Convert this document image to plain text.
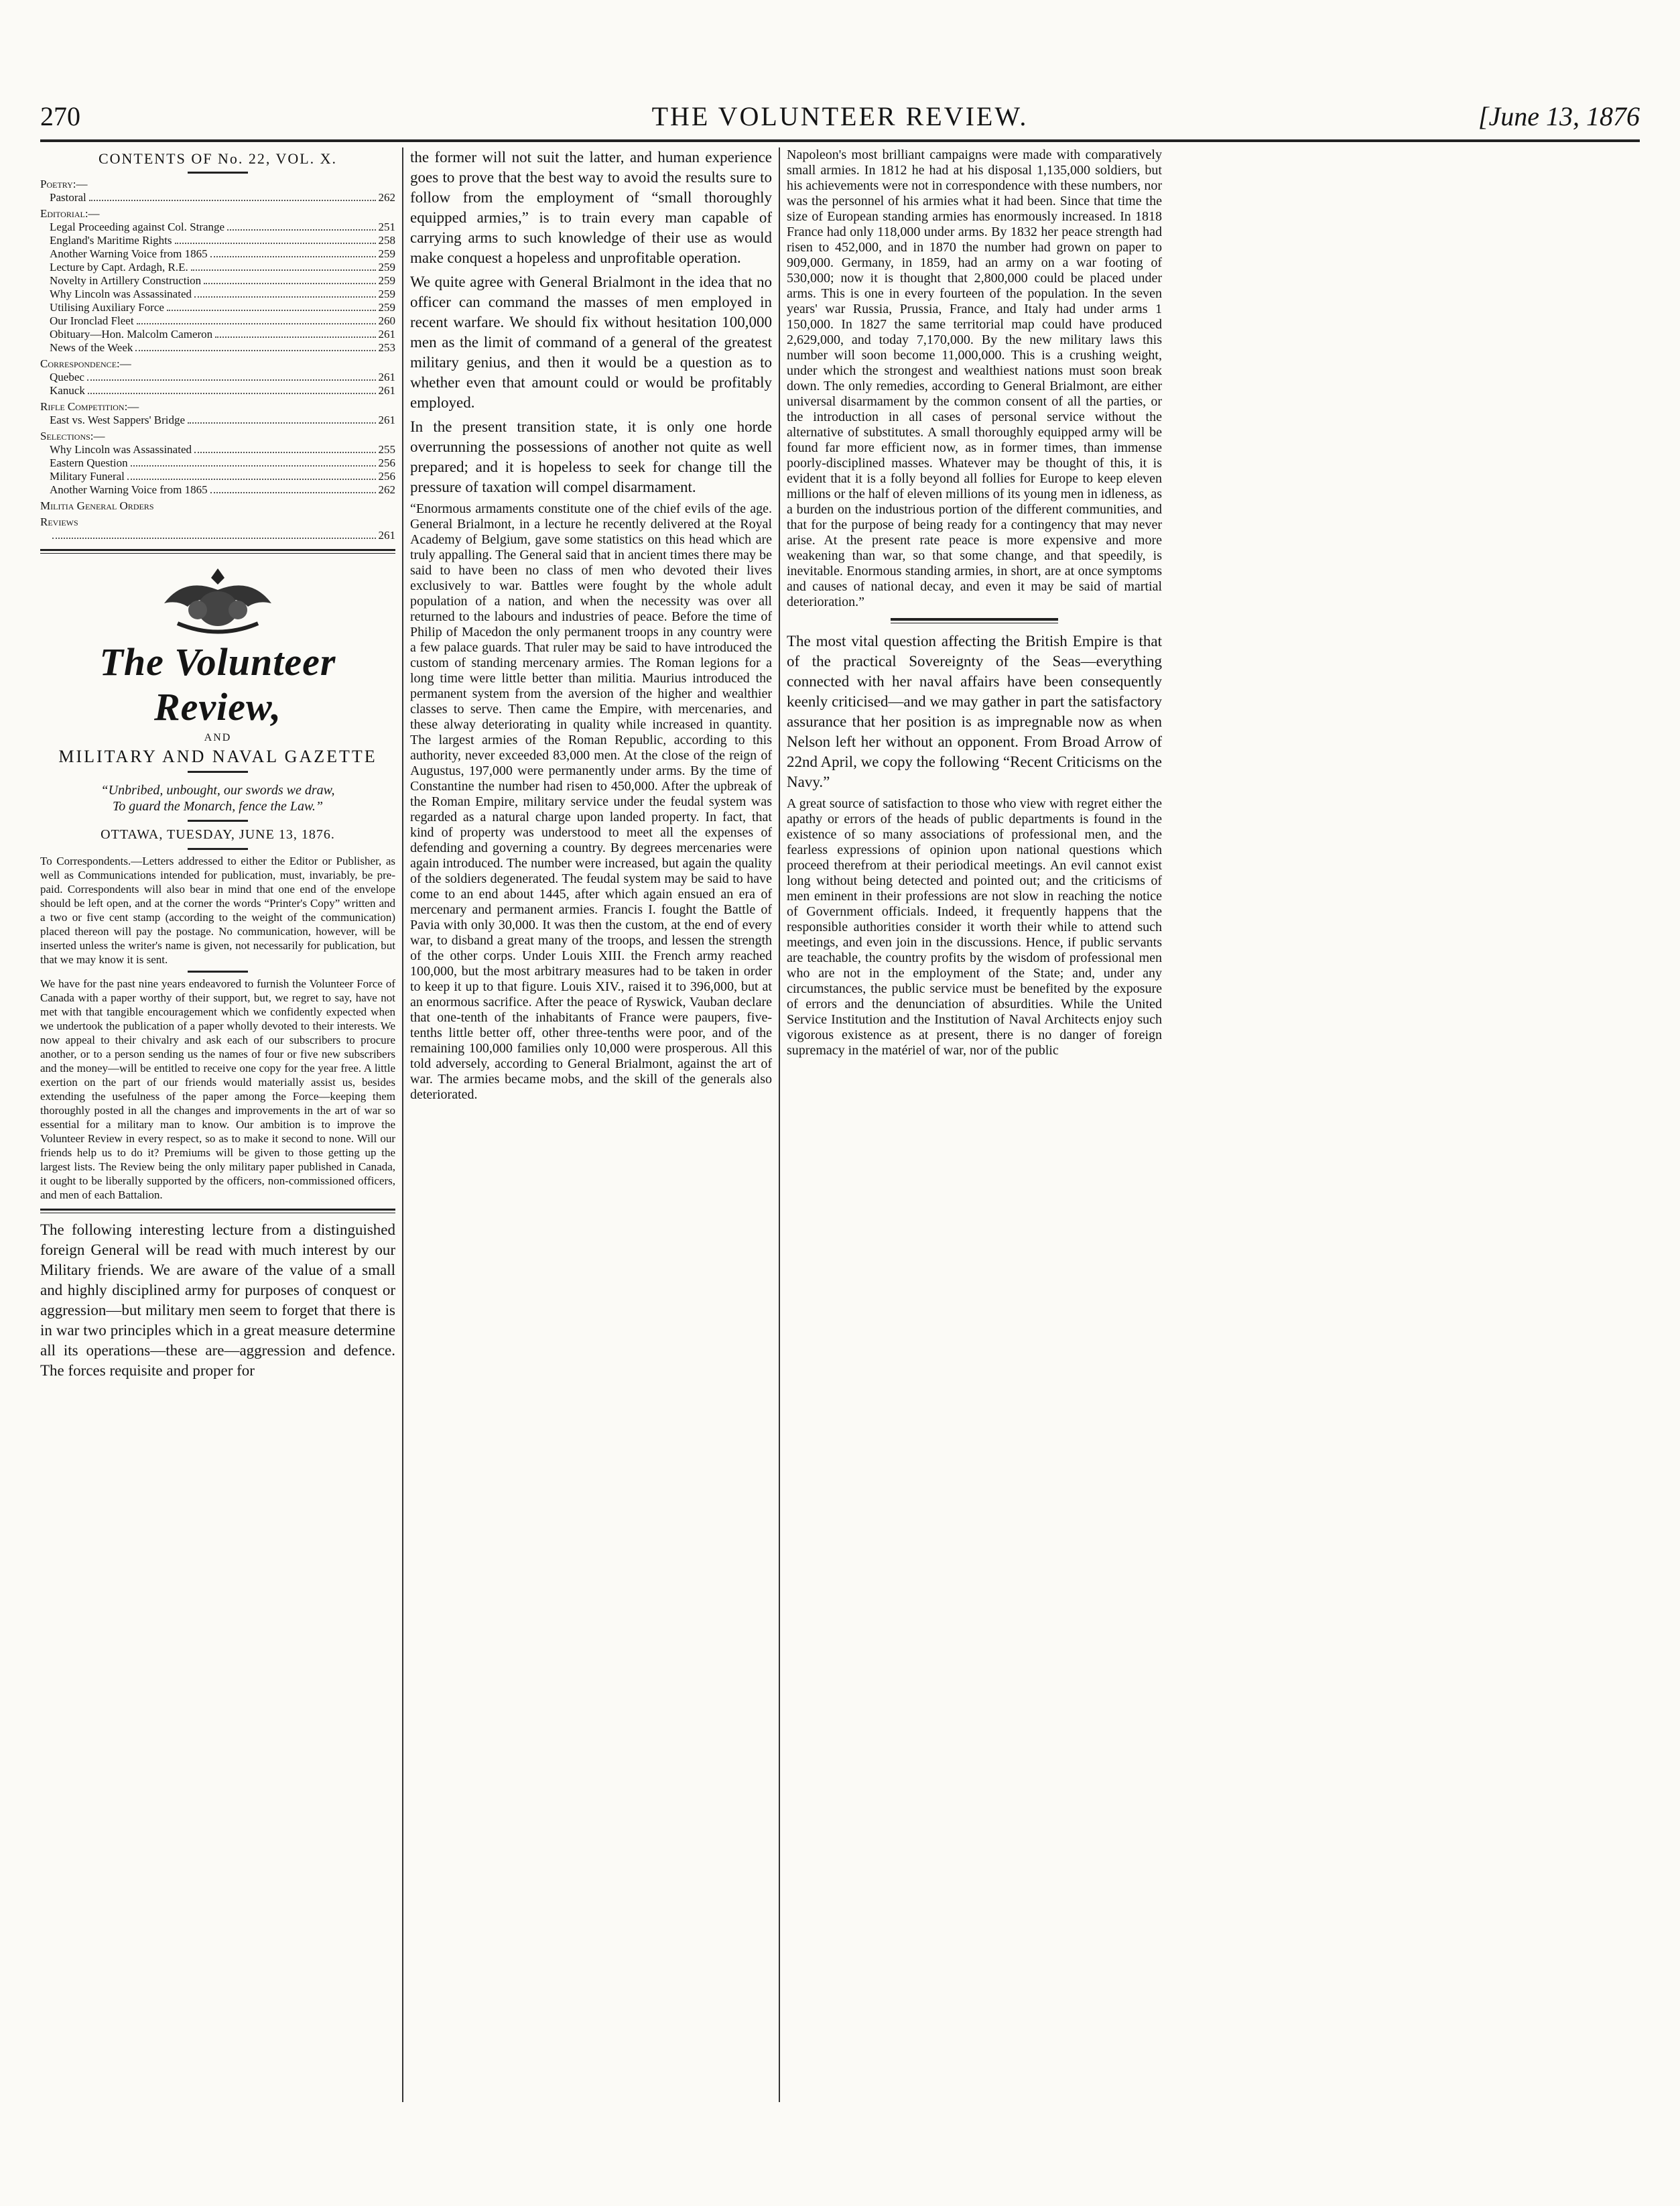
270	THE VOLUNTEER REVIEW.	[June 13, 1876
CONTENTS OF No. 22, VOL. X.
Poetry:—
Pastoral	262
Editorial:—
Legal Proceeding against Col. Strange	251
England's Maritime Rights	258
Another Warning Voice from 1865	259
Lecture by Capt. Ardagh, R.E.	259
Novelty in Artillery Construction	259
Why Lincoln was Assassinated	259
Utilising Auxiliary Force	259
Our Ironclad Fleet	260
Obituary—Hon. Malcolm Cameron	261
News of the Week	253
Correspondence:—
Quebec	261
Kanuck	261
Rifle Competition:—
East vs. West Sappers' Bridge	261
Selections:—
Why Lincoln was Assassinated	255
Eastern Question	256
Military Funeral	256
Another Warning Voice from 1865	262
Militia General Orders
Reviews
261
The Volunteer Review,
AND
MILITARY AND NAVAL GAZETTE
“Unbribed, unbought, our swords we draw,
To guard the Monarch, fence the Law.”
OTTAWA, TUESDAY, JUNE 13, 1876.

To Correspondents.—Letters addressed to either the Editor or Publisher, as well as Communications intended for publication, must, invariably, be pre-paid. Correspondents will also bear in mind that one end of the envelope should be left open, and at the corner the words “Printer's Copy” written and a two or five cent stamp (according to the weight of the communication) placed thereon will pay the postage. No communication, however, will be inserted unless the writer's name is given, not necessarily for publication, but that we may know it is sent.

We have for the past nine years endeavored to furnish the Volunteer Force of Canada with a paper worthy of their support, but, we regret to say, have not met with that tangible encouragement which we confidently expected when we undertook the publication of a paper wholly devoted to their interests. We now appeal to their chivalry and ask each of our subscribers to procure another, or to a person sending us the names of four or five new subscribers and the money—will be entitled to receive one copy for the year free. A little exertion on the part of our friends would materially assist us, besides extending the usefulness of the paper among the Force—keeping them thoroughly posted in all the changes and improvements in the art of war so essential for a military man to know. Our ambition is to improve the Volunteer Review in every respect, so as to make it second to none. Will our friends help us to do it? Premiums will be given to those getting up the largest lists. The Review being the only military paper published in Canada, it ought to be liberally supported by the officers, non-commissioned officers, and men of each Battalion.

The following interesting lecture from a distinguished foreign General will be read with much interest by our Military friends. We are aware of the value of a small and highly disciplined army for purposes of conquest or aggression—but military men seem to forget that there is in war two principles which in a great measure determine all its operations—these are—aggression and defence. The forces requisite and proper for

the former will not suit the latter, and human experience goes to prove that the best way to avoid the results sure to follow from the employment of “small thoroughly equipped armies,” is to train every man capable of carrying arms to such knowledge of their use as would make conquest a hopeless and unprofitable operation.

We quite agree with General Brialmont in the idea that no officer can command the masses of men employed in recent warfare. We should fix without hesitation 100,000 men as the limit of command of a general of the greatest military genius, and then it would be a question as to whether even that amount could or would be profitably employed.

In the present transition state, it is only one horde overrunning the possessions of another not quite as well prepared; and it is hopeless to seek for change till the pressure of taxation will compel disarmament.

“Enormous armaments constitute one of the chief evils of the age. General Brialmont, in a lecture he recently delivered at the Royal Academy of Belgium, gave some statistics on this head which are truly appalling. The General said that in ancient times there may be said to have been no class of men who devoted their lives exclusively to war. Battles were fought by the whole adult population of a nation, and when the necessity was over all returned to the labours and industries of peace. Before the time of Philip of Macedon the only permanent troops in any country were a few palace guards. That ruler may be said to have introduced the custom of standing mercenary armies. The Roman legions for a long time were little better than militia. Maurius introduced the permanent system from the aversion of the higher and wealthier classes to serve. Then came the Empire, with mercenaries, and these alway deteriorating in quality while increased in quantity. The largest armies of the Roman Republic, according to this authority, never exceeded 83,000 men. At the close of the reign of Augustus, 197,000 were permanently under arms. By the time of Constantine the number had risen to 450,000. After the upbreak of the Roman Empire, military service under the feudal system was regarded as a natural charge upon landed property. In fact, that kind of property was understood to meet all the expenses of defending and governing a country. By degrees mercenaries were again introduced. The number were increased, but again the quality of the soldiers degenerated. The feudal system may be said to have come to an end about 1445, after which again ensued an era of mercenary and permanent armies. Francis I. fought the Battle of Pavia with only 30,000. It was then the custom, at the end of every war, to disband a great many of the troops, and lessen the strength of the other corps. Under Louis XIII. the French army reached 100,000, but the most arbitrary measures had to be taken in order to keep it up to that figure. Louis XIV., raised it to 396,000, but at an enormous sacrifice. After the peace of Ryswick, Vauban declare that one-tenth of the inhabitants of France were paupers, five-tenths little better off, other three-tenths were poor, and of the remaining 100,000 families only 10,000 were prosperous. All this told adversely, according to General Brialmont, against the art of war. The armies became mobs, and the skill of the generals also deteriorated.

Napoleon's most brilliant campaigns were made with comparatively small armies. In 1812 he had at his disposal 1,135,000 soldiers, but his achievements were not in correspondence with these numbers, nor was the personnel of his armies what it had been. Since that time the size of European standing armies has enormously increased. In 1818 France had only 118,000 under arms. By 1832 her peace strength had risen to 452,000, and in 1870 the number had grown on paper to 909,000. Germany, in 1859, had an army on a war footing of 530,000; now it is thought that 2,800,000 could be placed under arms. This is one in every fourteen of the population. In the seven years' war Russia, Prussia, France, and Italy had under arms 1 150,000. In 1827 the same territorial map could have produced 2,629,000, and today 7,170,000. By the new military laws this number will soon become 11,000,000. This is a crushing weight, under which the strongest and wealthiest nations must soon break down. The only remedies, according to General Brialmont, are either universal disarmament by the common consent of all the parties, or the introduction in all cases of personal service without the alternative of substitutes. A small thoroughly equipped army will be found far more efficient now, as in former times, than immense poorly-disciplined masses. Whatever may be thought of this, it is evident that it is a folly beyond all follies for Europe to keep eleven millions or the half of eleven millions of its young men in idleness, as a burden on the industrious portion of the different communities, and that for the purpose of being ready for a contingency that may never arise. At the present rate peace is more expensive and more weakening than war, so that some change, and that speedily, is inevitable. Enormous standing armies, in short, are at once symptoms and causes of national decay, and even it may be said of martial deterioration.”

The most vital question affecting the British Empire is that of the practical Sovereignty of the Seas—everything connected with her naval affairs have been consequently keenly criticised—and we may gather in part the satisfactory assurance that her position is as impregnable now as when Nelson left her without an opponent. From Broad Arrow of 22nd April, we copy the following “Recent Criticisms on the Navy.”

A great source of satisfaction to those who view with regret either the apathy or errors of the heads of public departments is found in the existence of so many associations of professional men, and the fearless expressions of opinion upon national questions which proceed therefrom at their periodical meetings. An evil cannot exist long without being detected and pointed out; and the criticisms of men eminent in their professions are not slow in reaching the notice of Government officials. Indeed, it frequently happens that the responsible authorities consider it worth their while to attend such meetings, and even join in the discussions. Hence, if public servants are teachable, the country profits by the wisdom of professional men who are not in the employment of the State; and, under any circumstances, the public service must be benefited by the exposure of errors and the denunciation of absurdities. While the United Service Institution and the Institution of Naval Architects enjoy such vigorous existence as at present, there is no danger of foreign supremacy in the matériel of war, nor of the public
